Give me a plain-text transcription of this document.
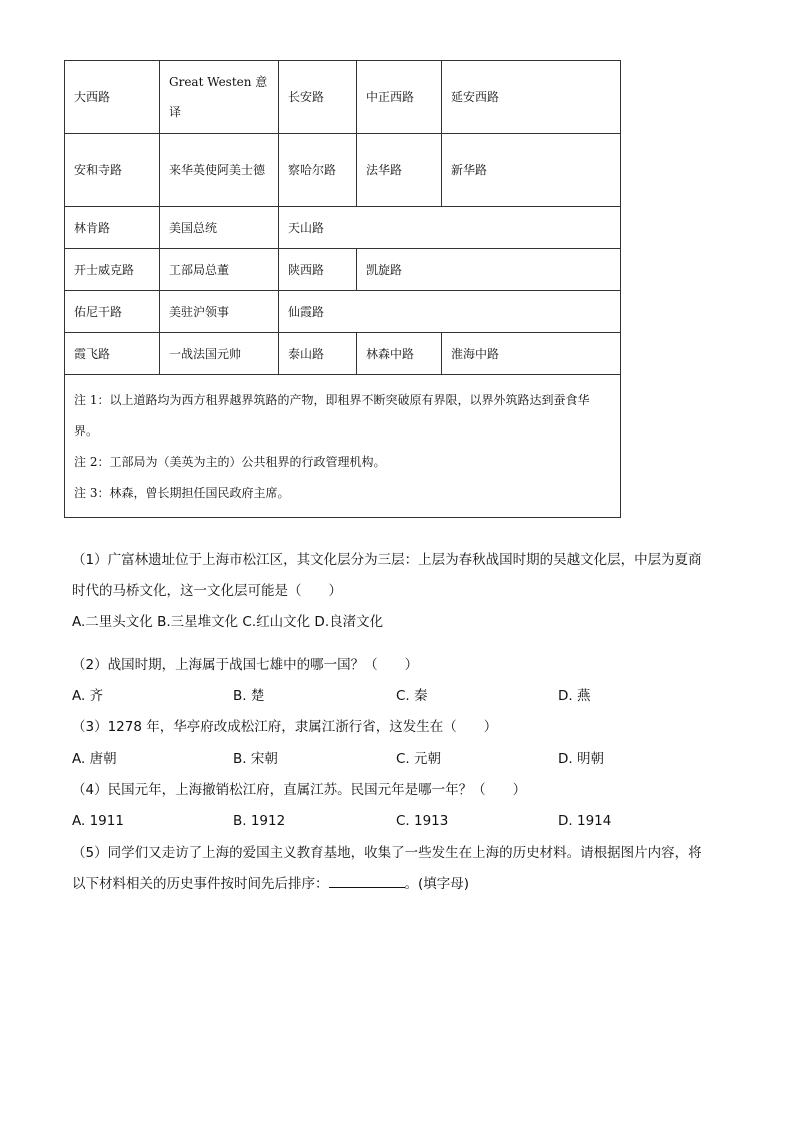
大西路	Great Westen 意译	长安路	中正西路	延安西路
安和寺路	来华英使阿美士德	察哈尔路	法华路	新华路
林肯路	美国总统	天山路		
开士威克路	工部局总董	陕西路	凯旋路	
佑尼干路	美驻沪领事	仙霞路		
霞飞路	一战法国元帅	泰山路	林森中路	淮海中路

注 1：以上道路均为西方租界越界筑路的产物，即租界不断突破原有界限，以界外筑路达到蚕食华界。
注 2：工部局为（美英为主的）公共租界的行政管理机构。
注 3：林森，曾长期担任国民政府主席。				
（1）广富林遗址位于上海市松江区，其文化层分为三层：上层为春秋战国时期的吴越文化层，中层为夏商
时代的马桥文化，这一文化层可能是（　　）
A.二里头文化 B.三星堆文化 C.红山文化 D.良渚文化
（2）战国时期，上海属于战国七雄中的哪一国？（　　）
A. 齐	B. 楚	C. 秦	D. 燕
（3）1278 年，华亭府改成松江府，隶属江浙行省，这发生在（　　）
A. 唐朝	B. 宋朝	C. 元朝	D. 明朝
（4）民国元年，上海撤销松江府，直属江苏。民国元年是哪一年？（　　）
A. 1911	B. 1912	C. 1913	D. 1914
（5）同学们又走访了上海的爱国主义教育基地，收集了一些发生在上海的历史材料。请根据图片内容，将
以下材料相关的历史事件按时间先后排序：	。(填字母)
